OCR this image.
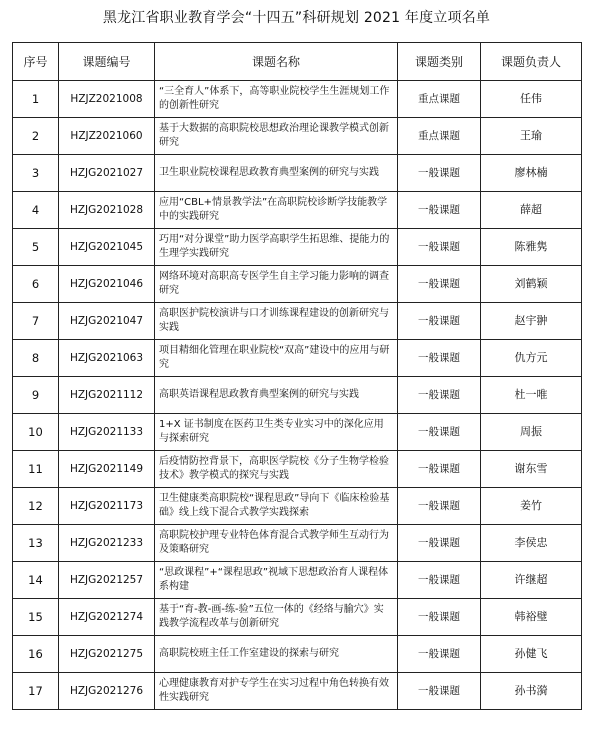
黑龙江省职业教育学会“十四五”科研规划 2021 年度立项名单
序号	课题编号	课题名称	课题类别	课题负责人
1	HZJZ2021008	“三全育人”体系下，高等职业院校学生生涯规划工作的创新性研究	重点课题	任伟
2	HZJZ2021060	基于大数据的高职院校思想政治理论课教学模式创新研究	重点课题	王瑜
3	HZJG2021027	卫生职业院校课程思政教育典型案例的研究与实践	一般课题	廖林楠
4	HZJG2021028	应用“CBL+情景教学法”在高职院校诊断学技能教学中的实践研究	一般课题	薛超
5	HZJG2021045	巧用“对分课堂”助力医学高职学生拓思维、提能力的生理学实践研究	一般课题	陈雅隽
6	HZJG2021046	网络环境对高职高专医学生自主学习能力影响的调查研究	一般课题	刘鹤颖
7	HZJG2021047	高职医护院校演讲与口才训练课程建设的创新研究与实践	一般课题	赵宇翀
8	HZJG2021063	项目精细化管理在职业院校“双高”建设中的应用与研究	一般课题	仇方元
9	HZJG2021112	高职英语课程思政教育典型案例的研究与实践	一般课题	杜一唯
10	HZJG2021133	1+X 证书制度在医药卫生类专业实习中的深化应用与探索研究	一般课题	周振
11	HZJG2021149	后疫情防控背景下，高职医学院校《分子生物学检验技术》教学模式的探究与实践	一般课题	谢东雪
12	HZJG2021173	卫生健康类高职院校“课程思政”导向下《临床检验基础》线上线下混合式教学实践探索	一般课题	姜竹
13	HZJG2021233	高职院校护理专业特色体育混合式教学师生互动行为及策略研究	一般课题	李侯忠
14	HZJG2021257	“思政课程”+“课程思政”视域下思想政治育人课程体系构建	一般课题	许继超
15	HZJG2021274	基于“育-教-画-练-验”五位一体的《经络与腧穴》实践教学流程改革与创新研究	一般课题	韩裕璧
16	HZJG2021275	高职院校班主任工作室建设的探索与研究	一般课题	孙健飞
17	HZJG2021276	心理健康教育对护专学生在实习过程中角色转换有效性实践研究	一般课题	孙书漪
